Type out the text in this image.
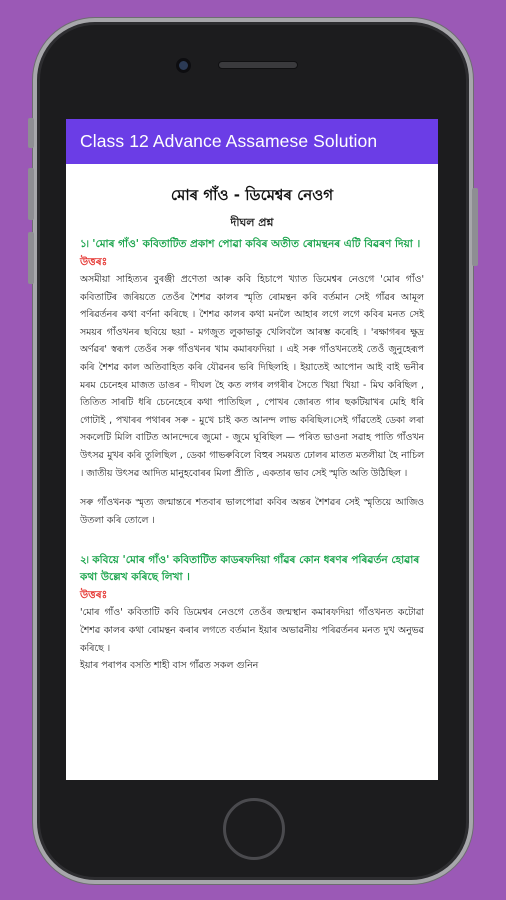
Class 12 Advance Assamese Solution
মোৰ গাঁও - ডিমেশ্বৰ নেওগ
দীঘল প্ৰশ্ন
১৷ 'মোৰ গাঁও' কবিতাটিত প্ৰকাশ পোৱা কবিৰ অতীত ৰোমন্থনৰ এটি বিৱৰণ দিয়া ।
উত্তৰঃ
অসমীয়া সাহিত্যৰ বুৰঞ্জী প্ৰণেতা আৰু কবি হিচাপে খ্যাত ডিমেশ্বৰ নেওগে 'মোৰ গাঁও' কবিতাটিৰ জৰিয়তে তেওঁৰ শৈশৱ কালৰ স্মৃতি ৰোমন্থন কৰি বৰ্তমান সেই গাঁৱৰ আমূল পৰিৱৰ্তনৰ কথা বৰ্ণনা কৰিছে । শৈশৱ কালৰ কথা মনলৈ আহাৰ লগে লগে কবিৰ মনত সেই সময়ৰ গাঁওখনৰ ছবিয়ে ছয়া - মগজুত লুকাভাকু খেলিবলৈ আৰম্ভ কৰেহি । 'ৰক্ষাগৰৰ ক্ষুদ্ৰ অৰ্ণৱৰ' স্বৰূপ তেওঁৰ সৰু গাঁওখনৰ খাম কমাৰফদিয়া । এই সৰু গাঁওখনতেই তেওঁ জুনুহেৰূপ কৰি শৈশৱ কাল অতিবাহিত কৰি যৌৱনৰ ভৰি দিছিলহি । ইয়াতেই আপোন আই বাই ভনীৰ মৰম চেনেহৰ মাজত ডাঙৰ - দীঘল হৈ কত লগৰ লগৰীৰ সৈতে খিয়া খিয়া - মিঘ কৰিছিল , তিতিত সাৰটি ধৰি চেনেহেৰে কথা পাতিছিল , পোখৰ জোৰত গাৰ ছকটিয়াখৰ মেহি ধৰি গোটাই , পখাৰৰ পথাৰৰ সৰু - মুখে চাই কত আনন্দ লাভ কৰিছিল।সেই গাঁৱতেই ডেকা লৰা সকলেটি মিলি বাটিত আনন্দেৰে জুমো - জুমে ঘূৰিছিল — পৰিত ভাওনা সৱাহ পাতি গাঁওখন উৎসৱ মুখৰ কৰি তুলিছিল , ডেকা গাভৰুবিলে বিহুৰ সময়ত ঢোলৰ মাতত মতলীয়া হৈ নাচিল । জাতীয় উৎসৱ আদিত মানুহবোৰৰ মিলা প্ৰীতি , একতাৰ ভাব সেই স্মৃতি অতি উঠিছিল ।
সৰু গাঁওখনক স্মৃত্য জন্মান্তৰে শতবাৰ ভালপোৱা কবিৰ অন্তৰ শৈশৱৰ সেই স্মৃতিয়ে আজিও উতলা কৰি তোলে ।
২৷ কবিয়ে 'মোৰ গাঁও' কবিতাটিত কাডৰফদিয়া গাঁৱৰ কোন ধৰণৰ পৰিৱৰ্তন হোৱাৰ কথা উল্লেখ কৰিছে লিখা ।
উত্তৰঃ
'মোৰ গাঁও' কবিতাটি কবি ডিমেশ্বৰ নেওগে তেওঁৰ জন্মস্থান কমাৰফদিয়া গাঁওখনত কটোৱা শৈশৱ কালৰ কথা ৰোমন্থন কৰাৰ লগতে বৰ্তমান ইয়াৰ অভাৱনীয় পৰিৱৰ্তনৰ মনত দুখ অনুভৱ কৰিছে ।
ইয়াৰ পৰাপৰ বসতি শাহী বাস গাঁৱত সকল গুনিন
